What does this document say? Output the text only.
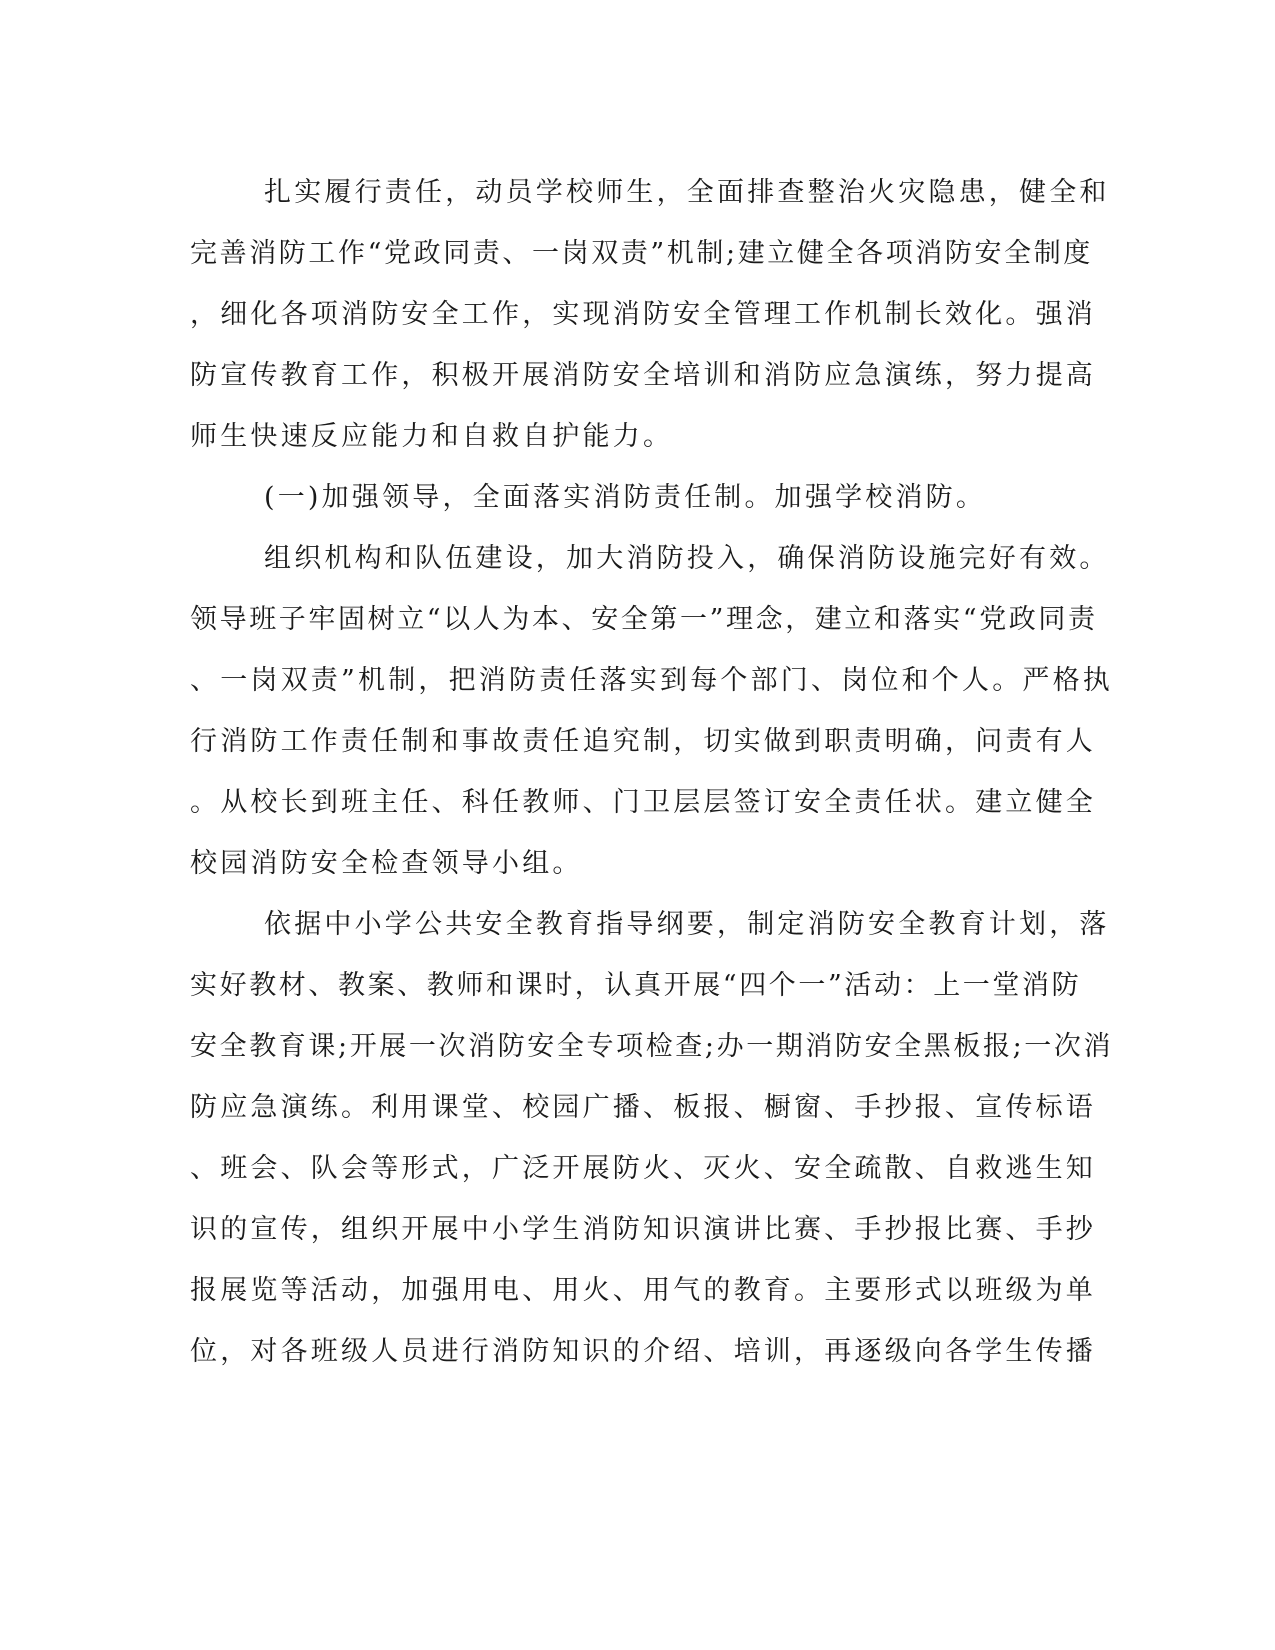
扎实履行责任，动员学校师生，全面排查整治火灾隐患，健全和
完善消防工作“党政同责、一岗双责”机制;建立健全各项消防安全制度
，细化各项消防安全工作，实现消防安全管理工作机制长效化。强消
防宣传教育工作，积极开展消防安全培训和消防应急演练，努力提高
师生快速反应能力和自救自护能力。
(一)加强领导，全面落实消防责任制。加强学校消防。
组织机构和队伍建设，加大消防投入，确保消防设施完好有效。
领导班子牢固树立“以人为本、安全第一”理念，建立和落实“党政同责
、一岗双责”机制，把消防责任落实到每个部门、岗位和个人。严格执
行消防工作责任制和事故责任追究制，切实做到职责明确，问责有人
。从校长到班主任、科任教师、门卫层层签订安全责任状。建立健全
校园消防安全检查领导小组。
依据中小学公共安全教育指导纲要，制定消防安全教育计划，落
实好教材、教案、教师和课时，认真开展“四个一”活动：上一堂消防
安全教育课;开展一次消防安全专项检查;办一期消防安全黑板报;一次消
防应急演练。利用课堂、校园广播、板报、橱窗、手抄报、宣传标语
、班会、队会等形式，广泛开展防火、灭火、安全疏散、自救逃生知
识的宣传，组织开展中小学生消防知识演讲比赛、手抄报比赛、手抄
报展览等活动，加强用电、用火、用气的教育。主要形式以班级为单
位，对各班级人员进行消防知识的介绍、培训，再逐级向各学生传播
